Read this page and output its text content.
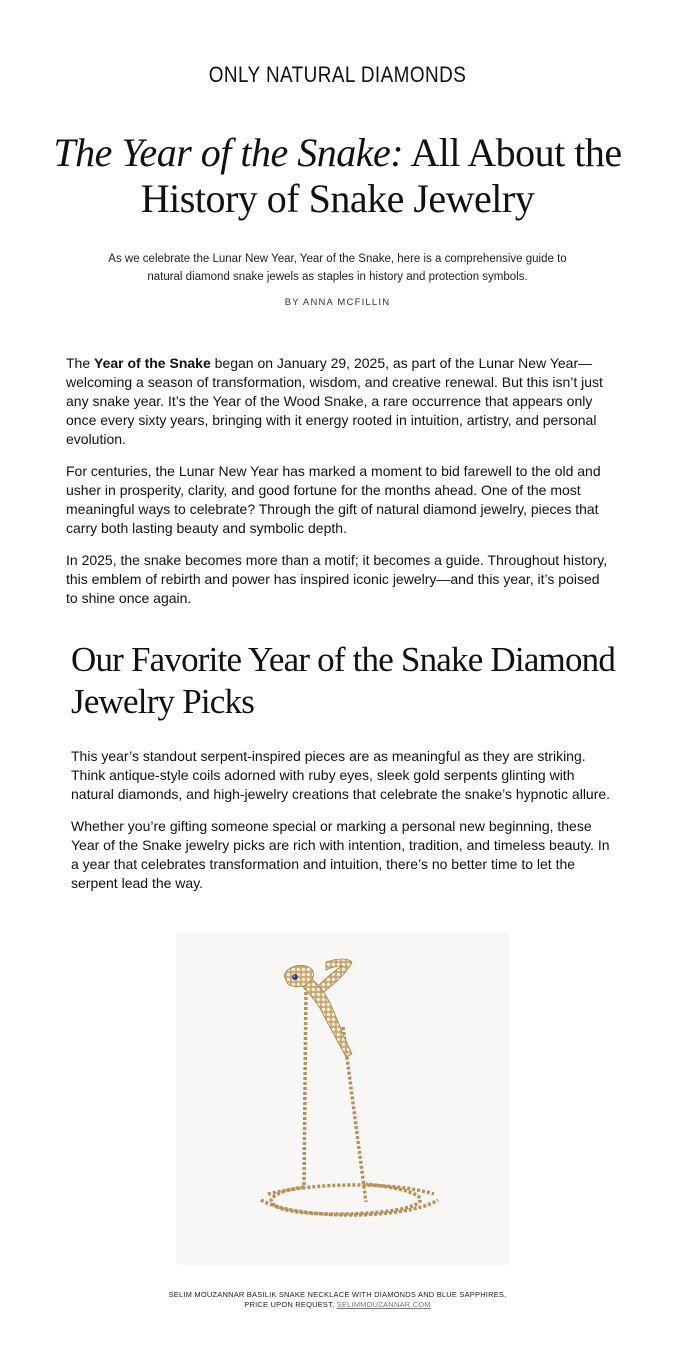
ONLY NATURAL DIAMONDS
The Year of the Snake: All About the History of Snake Jewelry

As we celebrate the Lunar New Year, Year of the Snake, here is a comprehensive guide to natural diamond snake jewels as staples in history and protection symbols.

BY ANNA MCFILLIN

The Year of the Snake began on January 29, 2025, as part of the Lunar New Year—welcoming a season of transformation, wisdom, and creative renewal. But this isn’t just any snake year. It’s the Year of the Wood Snake, a rare occurrence that appears only once every sixty years, bringing with it energy rooted in intuition, artistry, and personal evolution.

For centuries, the Lunar New Year has marked a moment to bid farewell to the old and usher in prosperity, clarity, and good fortune for the months ahead. One of the most meaningful ways to celebrate? Through the gift of natural diamond jewelry, pieces that carry both lasting beauty and symbolic depth.

In 2025, the snake becomes more than a motif; it becomes a guide. Throughout history, this emblem of rebirth and power has inspired iconic jewelry—and this year, it’s poised to shine once again.

Our Favorite Year of the Snake Diamond Jewelry Picks

This year’s standout serpent-inspired pieces are as meaningful as they are striking. Think antique-style coils adorned with ruby eyes, sleek gold serpents glinting with natural diamonds, and high-jewelry creations that celebrate the snake’s hypnotic allure.

Whether you’re gifting someone special or marking a personal new beginning, these Year of the Snake jewelry picks are rich with intention, tradition, and timeless beauty. In a year that celebrates transformation and intuition, there’s no better time to let the serpent lead the way.

SELIM MOUZANNAR BASILIK SNAKE NECKLACE WITH DIAMONDS AND BLUE SAPPHIRES, PRICE UPON REQUEST, SELIMMOUZANNAR.COM
